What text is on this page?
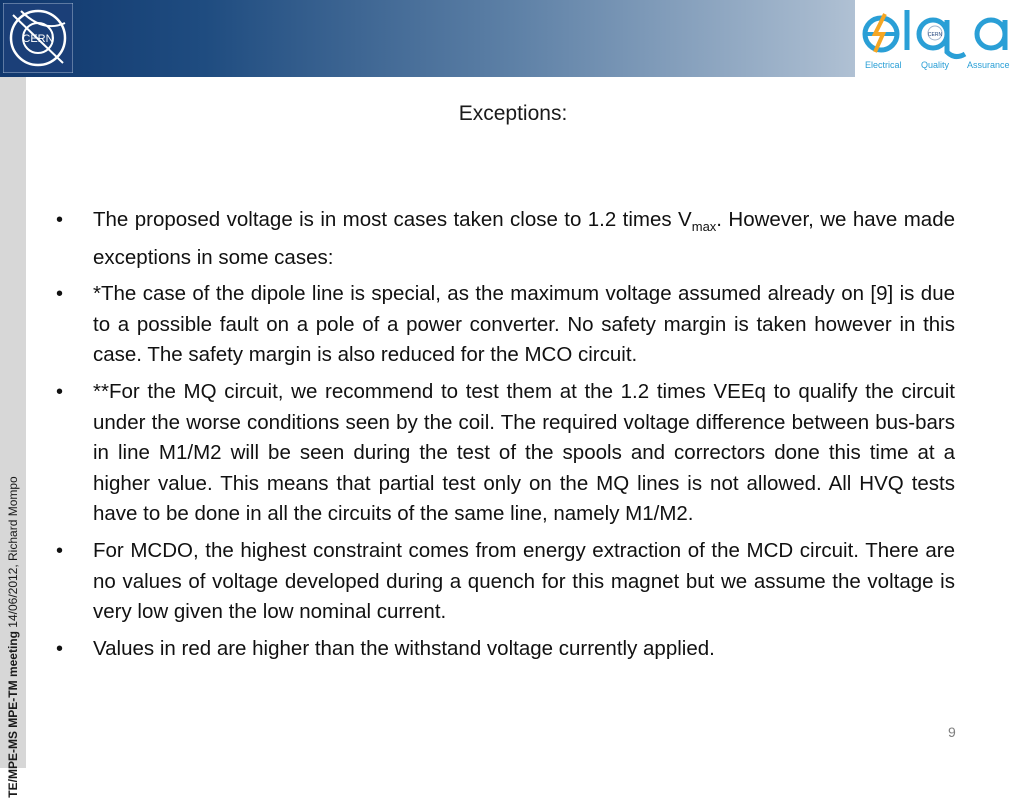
CERN	CERN
Electrical Quality Assurance
TE/MPE-MS MPE-TM meeting 14/06/2012, Richard Mompo
Exceptions:
• The proposed voltage is in most cases taken close to 1.2 times $V_{max}$. However, we have made exceptions in some cases:
• *The case of the dipole line is special, as the maximum voltage assumed already on [9] is due to a possible fault on a pole of a power converter. No safety margin is taken however in this case. The safety margin is also reduced for the MCO circuit.
• **For the MQ circuit, we recommend to test them at the 1.2 times VEEq to qualify the circuit under the worse conditions seen by the coil. The required voltage difference between bus-bars in line M1/M2 will be seen during the test of the spools and correctors done this time at a higher value. This means that partial test only on the MQ lines is not allowed. All HVQ tests have to be done in all the circuits of the same line, namely M1/M2.
• For MCDO, the highest constraint comes from energy extraction of the MCD circuit. There are no values of voltage developed during a quench for this magnet but we assume the voltage is very low given the low nominal current.
• Values in red are higher than the withstand voltage currently applied.
9
